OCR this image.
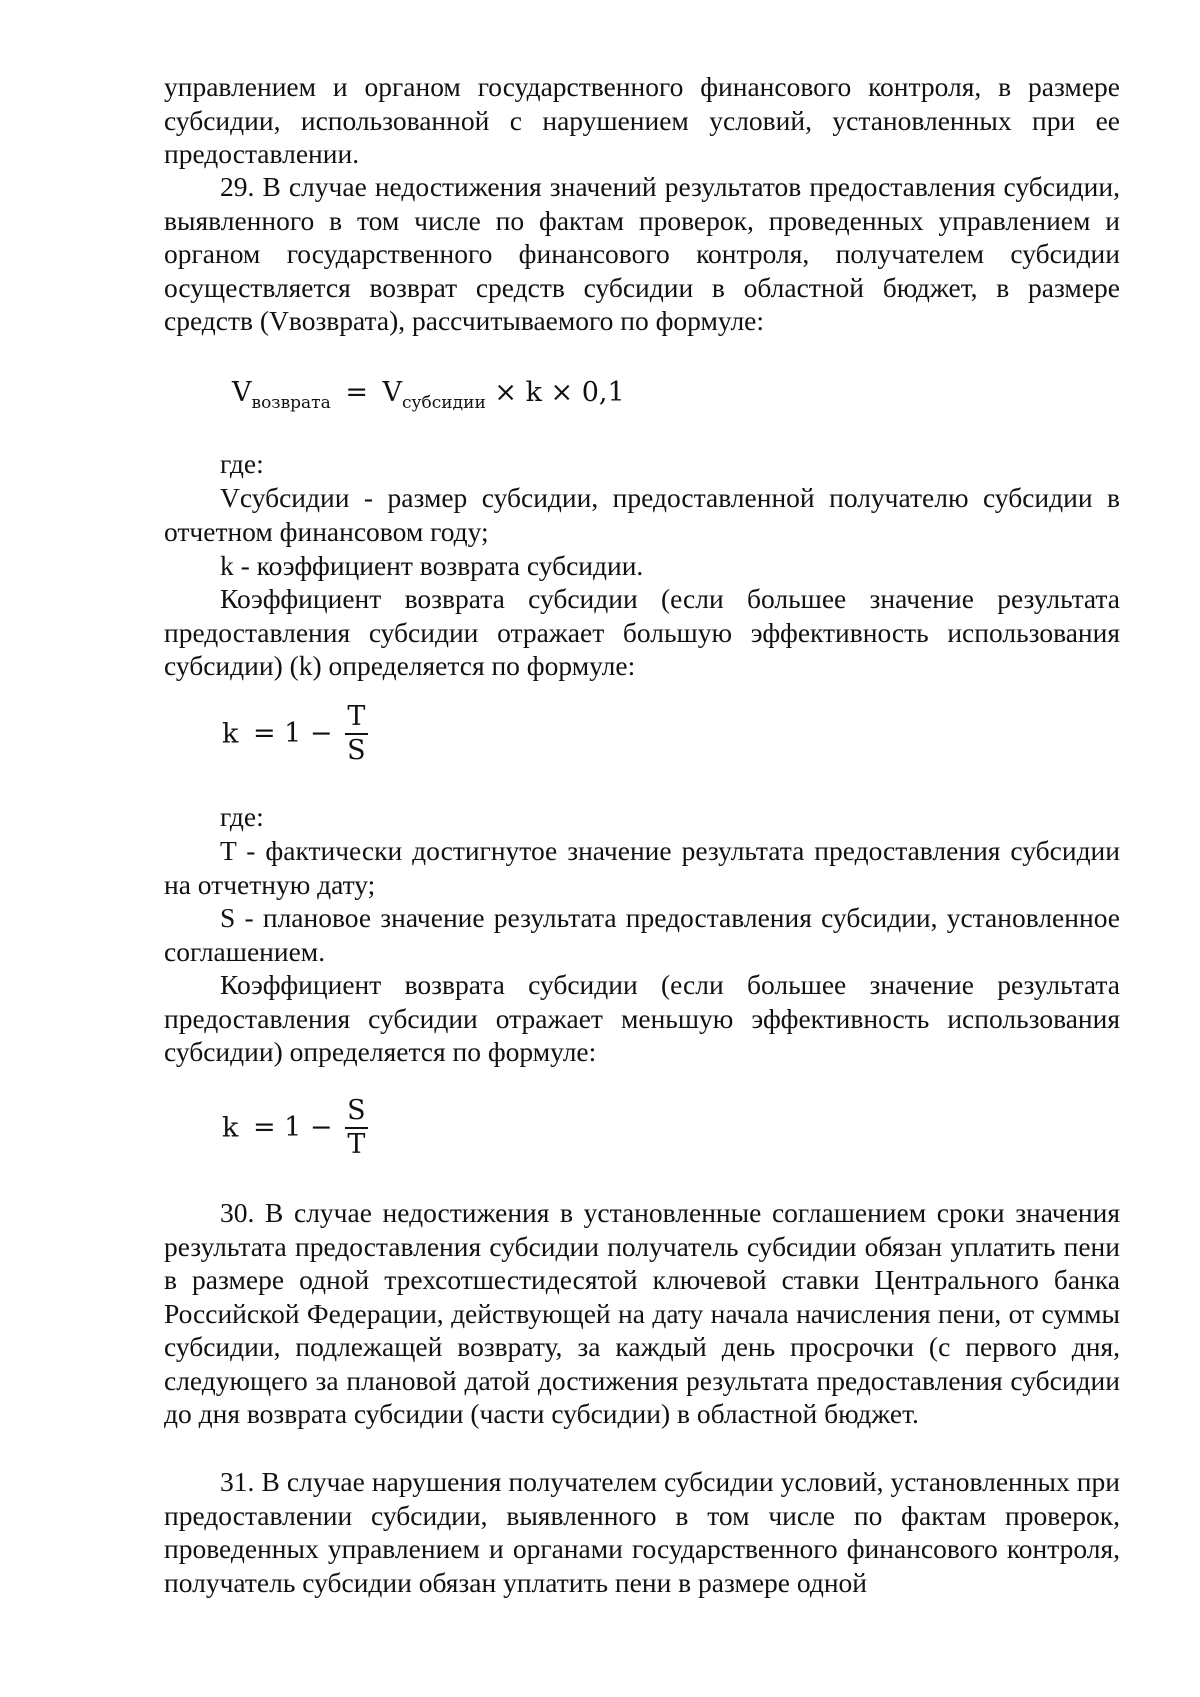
управлением и органом государственного финансового контроля, в размере субсидии, использованной с нарушением условий, установленных при ее предоставлении.

29. В случае недостижения значений результатов предоставления субсидии, выявленного в том числе по фактам проверок, проведенных управлением и органом государственного финансового контроля, получателем субсидии осуществляется возврат средств субсидии в областной бюджет, в размере средств (Vвозврата), рассчитываемого по формуле:

$V_{возврата} = V_{субсидии} \times k \times 0,1$

где:

Vсубсидии - размер субсидии, предоставленной получателю субсидии в отчетном финансовом году;

k - коэффициент возврата субсидии.

Коэффициент возврата субсидии (если большее значение результата предоставления субсидии отражает большую эффективность использования субсидии) (k) определяется по формуле:

$k = 1 - \frac{T}{S}$

где:

T - фактически достигнутое значение результата предоставления субсидии на отчетную дату;

S - плановое значение результата предоставления субсидии, установленное соглашением.

Коэффициент возврата субсидии (если большее значение результата предоставления субсидии отражает меньшую эффективность использования субсидии) определяется по формуле:

$k = 1 - \frac{S}{T}$

30. В случае недостижения в установленные соглашением сроки значения результата предоставления субсидии получатель субсидии обязан уплатить пени в размере одной трехсотшестидесятой ключевой ставки Центрального банка Российской Федерации, действующей на дату начала начисления пени, от суммы субсидии, подлежащей возврату, за каждый день просрочки (с первого дня, следующего за плановой датой достижения результата предоставления субсидии до дня возврата субсидии (части субсидии) в областной бюджет.

31. В случае нарушения получателем субсидии условий, установленных при предоставлении субсидии, выявленного в том числе по фактам проверок, проведенных управлением и органами государственного финансового контроля, получатель субсидии обязан уплатить пени в размере одной
